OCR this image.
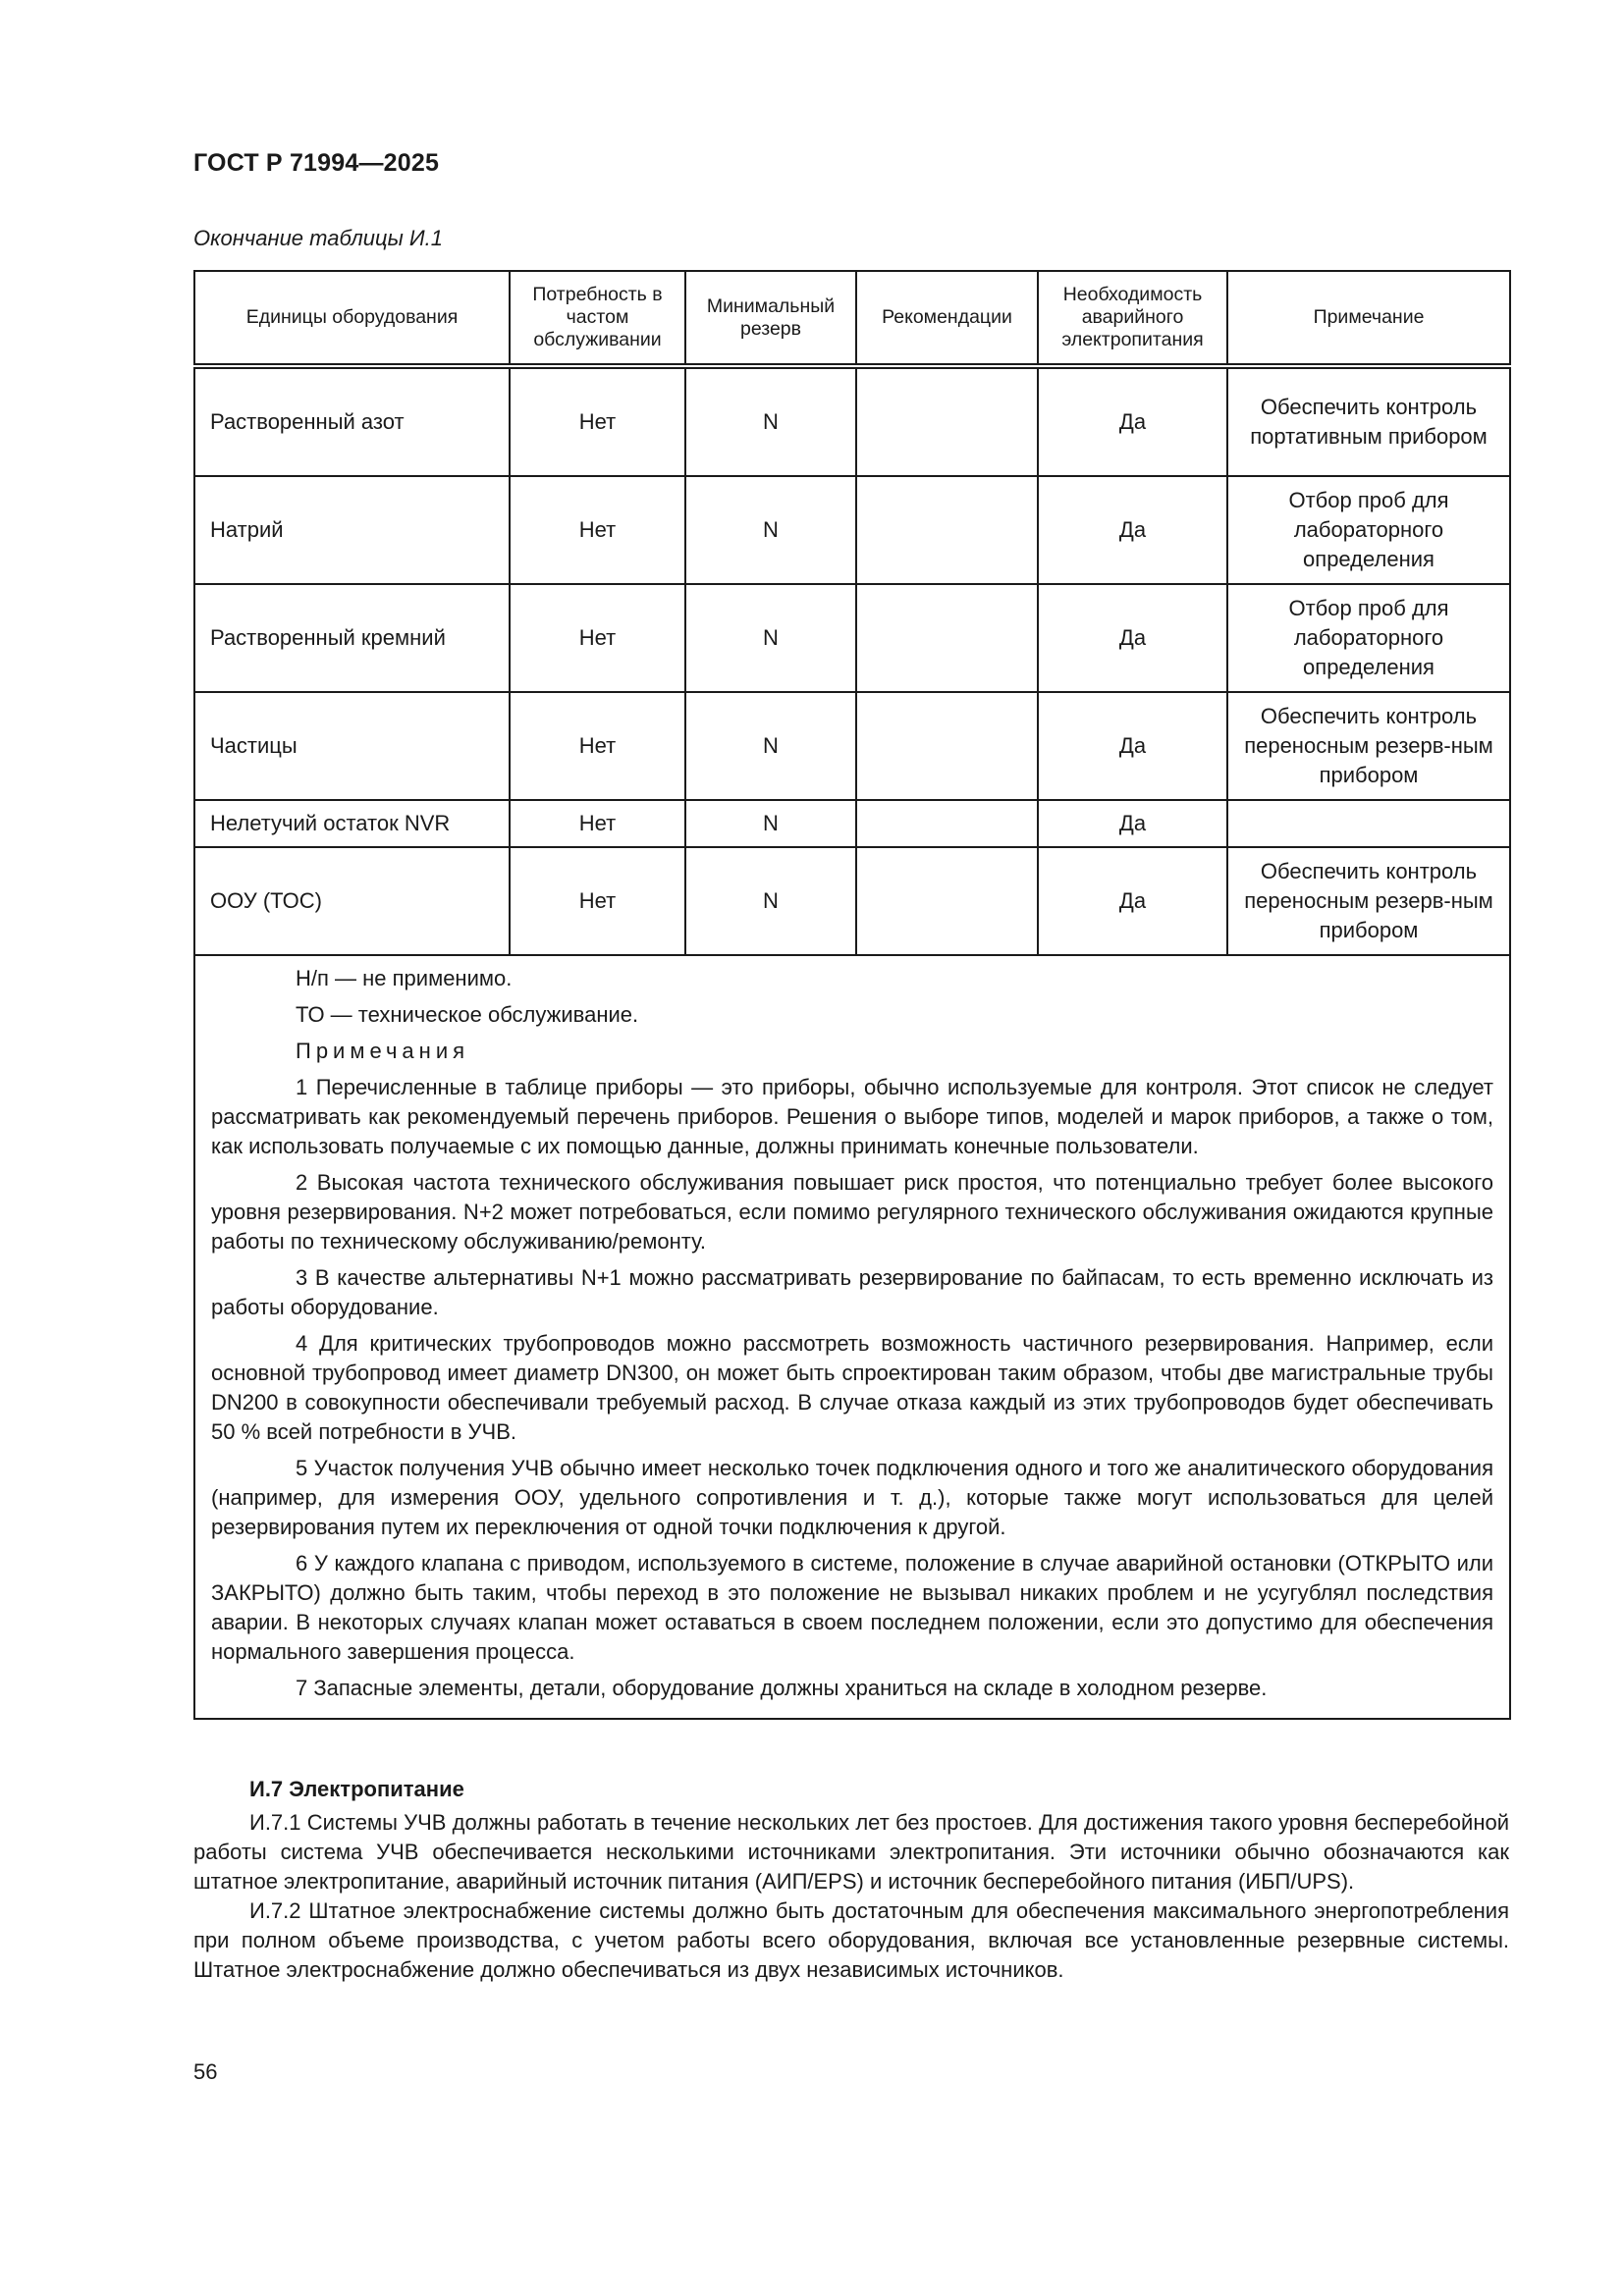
ГОСТ Р 71994—2025
Окончание таблицы И.1
Единицы оборудования	Потребность в частом обслуживании	Минимальный резерв	Рекомендации	Необходимость аварийного электропитания	Примечание
Растворенный азот	Нет	N		Да	Обеспечить контроль портативным прибором
Натрий	Нет	N		Да	Отбор проб для лабораторного определения
Растворенный кремний	Нет	N		Да	Отбор проб для лабораторного определения
Частицы	Нет	N		Да	Обеспечить контроль переносным резерв-ным прибором
Нелетучий остаток NVR	Нет	N		Да	
ООУ (ТОС)	Нет	N		Да	Обеспечить контроль переносным резерв-ным прибором

Н/п — не применимо.

ТО — техническое обслуживание.

Примечания

1 Перечисленные в таблице приборы — это приборы, обычно используемые для контроля. Этот список не следует рассматривать как рекомендуемый перечень приборов. Решения о выборе типов, моделей и марок приборов, а также о том, как использовать получаемые с их помощью данные, должны принимать конечные пользователи.

2 Высокая частота технического обслуживания повышает риск простоя, что потенциально требует более высокого уровня резервирования. N+2 может потребоваться, если помимо регулярного технического обслуживания ожидаются крупные работы по техническому обслуживанию/ремонту.

3 В качестве альтернативы N+1 можно рассматривать резервирование по байпасам, то есть временно исключать из работы оборудование.

4 Для критических трубопроводов можно рассмотреть возможность частичного резервирования. Например, если основной трубопровод имеет диаметр DN300, он может быть спроектирован таким образом, чтобы две магистральные трубы DN200 в совокупности обеспечивали требуемый расход. В случае отказа каждый из этих трубопроводов будет обеспечивать 50 % всей потребности в УЧВ.

5 Участок получения УЧВ обычно имеет несколько точек подключения одного и того же аналитического оборудования (например, для измерения ООУ, удельного сопротивления и т. д.), которые также могут использоваться для целей резервирования путем их переключения от одной точки подключения к другой.

6 У каждого клапана с приводом, используемого в системе, положение в случае аварийной остановки (ОТКРЫТО или ЗАКРЫТО) должно быть таким, чтобы переход в это положение не вызывал никаких проблем и не усугублял последствия аварии. В некоторых случаях клапан может оставаться в своем последнем положении, если это допустимо для обеспечения нормального завершения процесса.

7 Запасные элементы, детали, оборудование должны храниться на складе в холодном резерве.

И.7 Электропитание

И.7.1 Системы УЧВ должны работать в течение нескольких лет без простоев. Для достижения такого уровня бесперебойной работы система УЧВ обеспечивается несколькими источниками электропитания. Эти источники обычно обозначаются как штатное электропитание, аварийный источник питания (АИП/EPS) и источник бесперебойного питания (ИБП/UPS).

И.7.2 Штатное электроснабжение системы должно быть достаточным для обеспечения максимального энергопотребления при полном объеме производства, с учетом работы всего оборудования, включая все установленные резервные системы. Штатное электроснабжение должно обеспечиваться из двух независимых источников.

56
